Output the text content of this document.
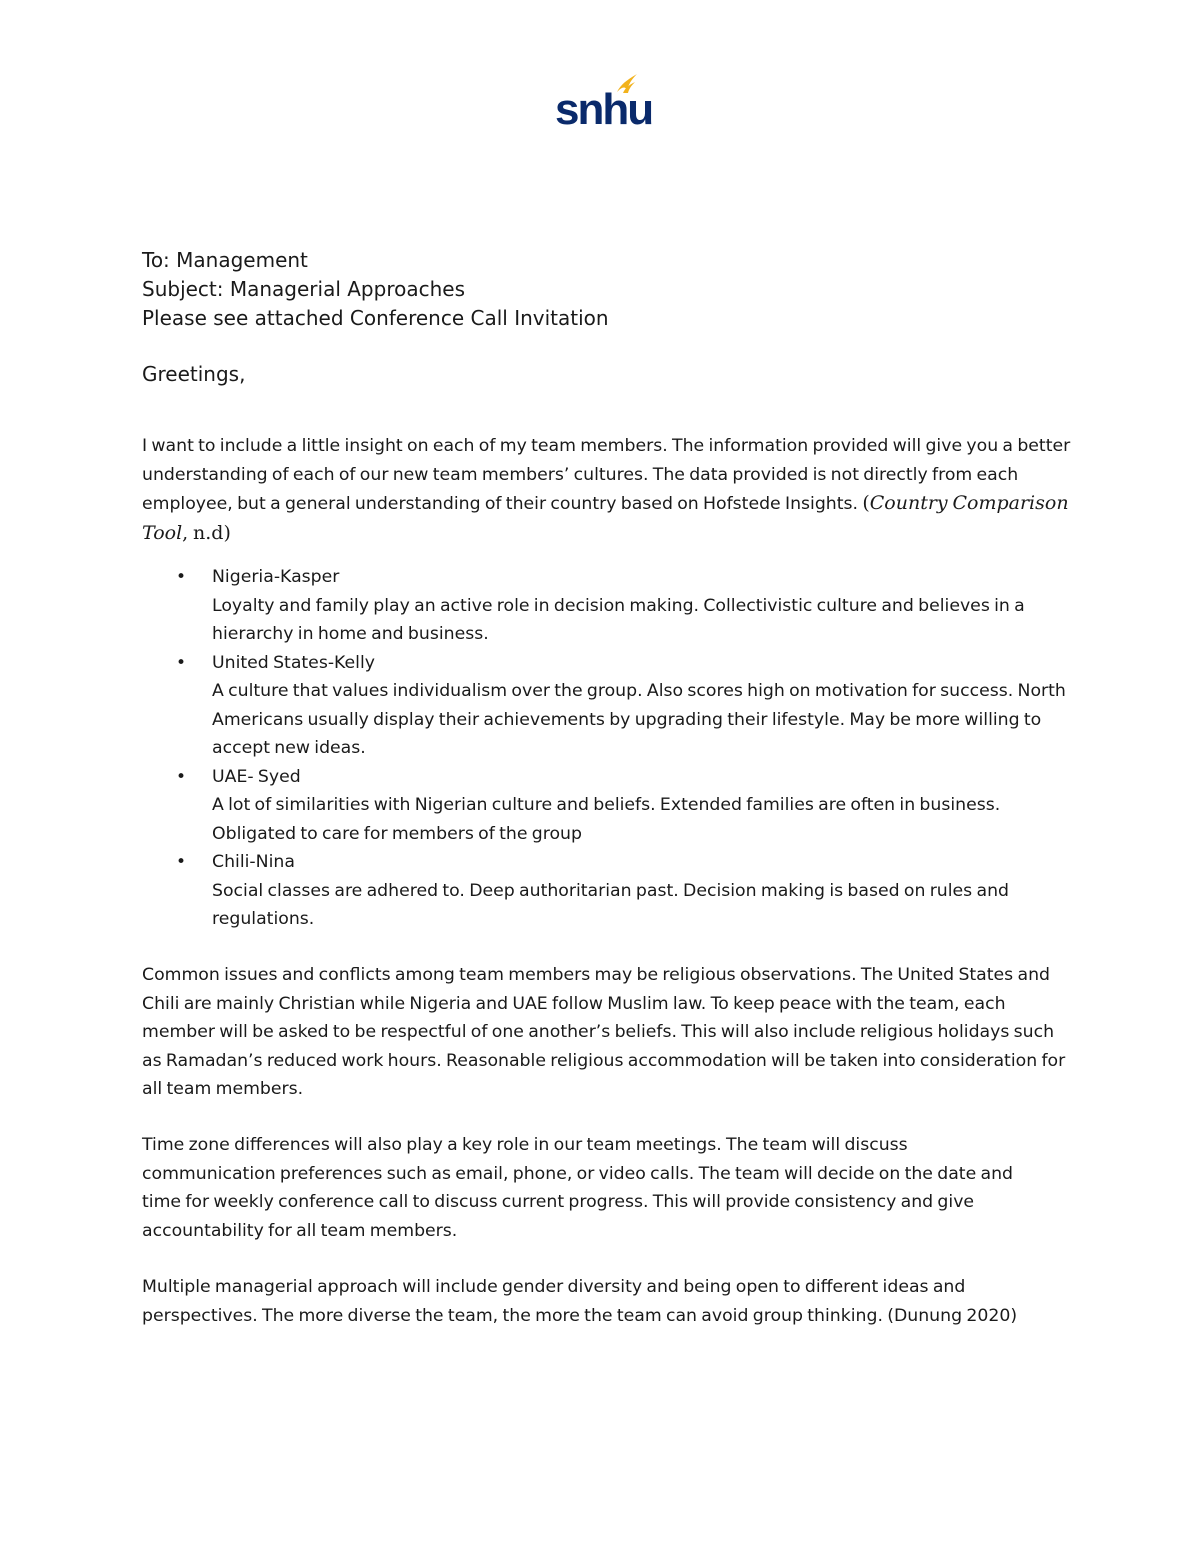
snhu
To: Management
Subject: Managerial Approaches
Please see attached Conference Call Invitation
Greetings,
I want to include a little insight on each of my team members. The information provided will give you a better understanding of each of our new team members’ cultures. The data provided is not directly from each employee, but a general understanding of their country based on Hofstede Insights. (Country Comparison Tool, n.d)
• Nigeria-Kasper
Loyalty and family play an active role in decision making. Collectivistic culture and believes in a hierarchy in home and business.
• United States-Kelly
A culture that values individualism over the group. Also scores high on motivation for success. North Americans usually display their achievements by upgrading their lifestyle. May be more willing to accept new ideas.
• UAE- Syed
A lot of similarities with Nigerian culture and beliefs. Extended families are often in business. Obligated to care for members of the group
• Chili-Nina
Social classes are adhered to. Deep authoritarian past. Decision making is based on rules and regulations.
Common issues and conflicts among team members may be religious observations. The United States and Chili are mainly Christian while Nigeria and UAE follow Muslim law. To keep peace with the team, each member will be asked to be respectful of one another’s beliefs. This will also include religious holidays such as Ramadan’s reduced work hours. Reasonable religious accommodation will be taken into consideration for all team members.
Time zone differences will also play a key role in our team meetings. The team will discuss communication preferences such as email, phone, or video calls. The team will decide on the date and time for weekly conference call to discuss current progress. This will provide consistency and give accountability for all team members.
Multiple managerial approach will include gender diversity and being open to different ideas and perspectives. The more diverse the team, the more the team can avoid group thinking. (Dunung 2020)
